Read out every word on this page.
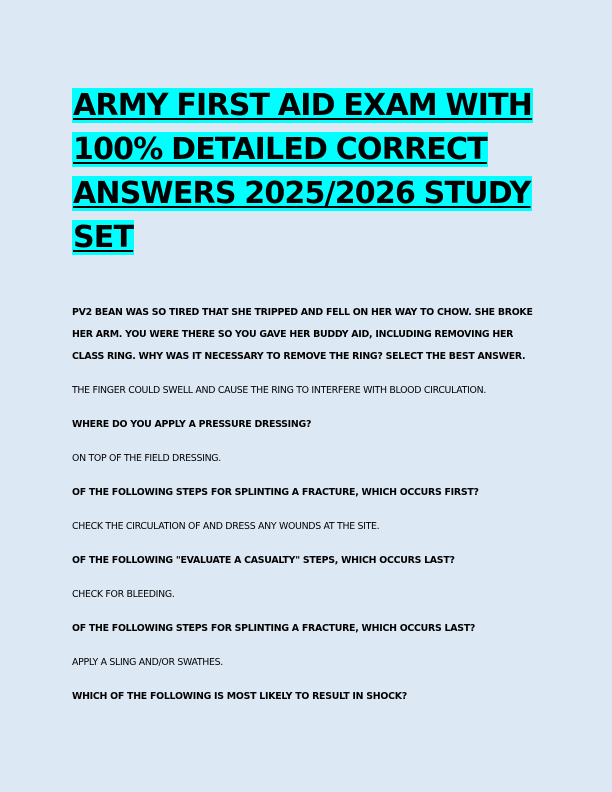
ARMY FIRST AID EXAM WITH 100% DETAILED CORRECT ANSWERS 2025/2026 STUDY SET

PV2 BEAN WAS SO TIRED THAT SHE TRIPPED AND FELL ON HER WAY TO CHOW. SHE BROKE HER ARM. YOU WERE THERE SO YOU GAVE HER BUDDY AID, INCLUDING REMOVING HER CLASS RING. WHY WAS IT NECESSARY TO REMOVE THE RING? SELECT THE BEST ANSWER.

THE FINGER COULD SWELL AND CAUSE THE RING TO INTERFERE WITH BLOOD CIRCULATION.

WHERE DO YOU APPLY A PRESSURE DRESSING?

ON TOP OF THE FIELD DRESSING.

OF THE FOLLOWING STEPS FOR SPLINTING A FRACTURE, WHICH OCCURS FIRST?

CHECK THE CIRCULATION OF AND DRESS ANY WOUNDS AT THE SITE.

OF THE FOLLOWING "EVALUATE A CASUALTY" STEPS, WHICH OCCURS LAST?

CHECK FOR BLEEDING.

OF THE FOLLOWING STEPS FOR SPLINTING A FRACTURE, WHICH OCCURS LAST?

APPLY A SLING AND/OR SWATHES.

WHICH OF THE FOLLOWING IS MOST LIKELY TO RESULT IN SHOCK?
